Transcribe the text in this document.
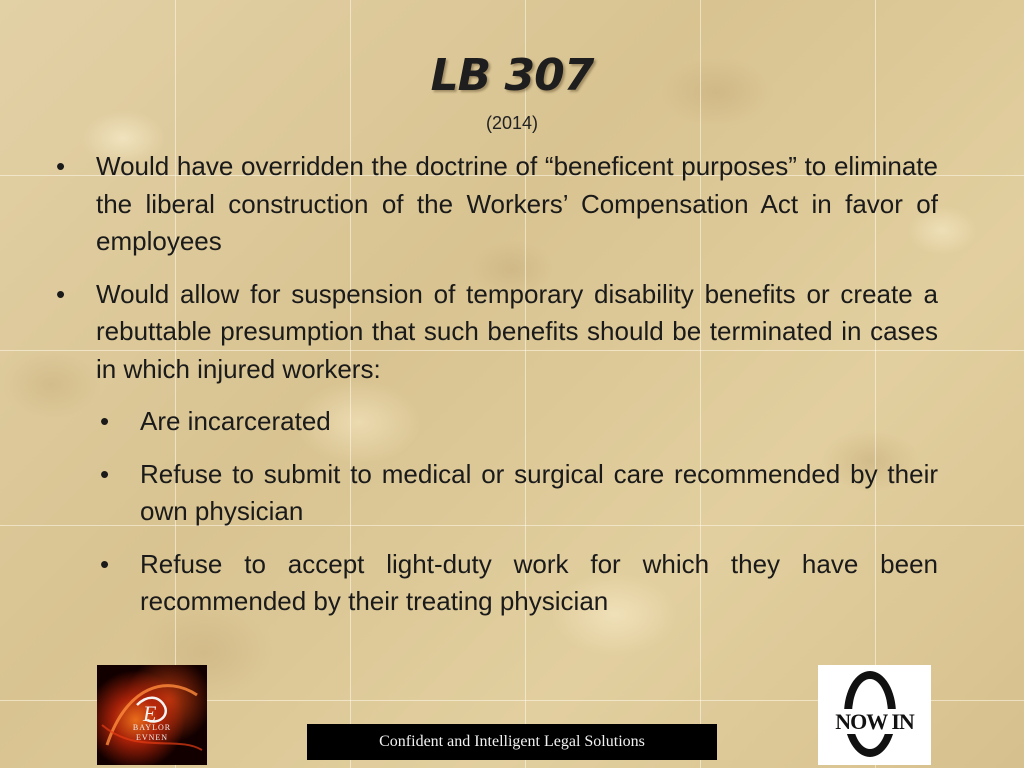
LB 307
(2014)
•	Would have overridden the doctrine of “beneficent purposes” to eliminate the liberal construction of the Workers’ Compensation Act in favor of employees
•	Would allow for suspension of temporary disability benefits or create a rebuttable presumption that such benefits should be terminated in cases in which injured workers:
•	Are incarcerated
•	Refuse to submit to medical or surgical care recommended by their own physician
•	Refuse to accept light-duty work for which they have been recommended by their treating physician
E
BAYLOR
EVNEN	Confident and Intelligent Legal Solutions
NOW IN
